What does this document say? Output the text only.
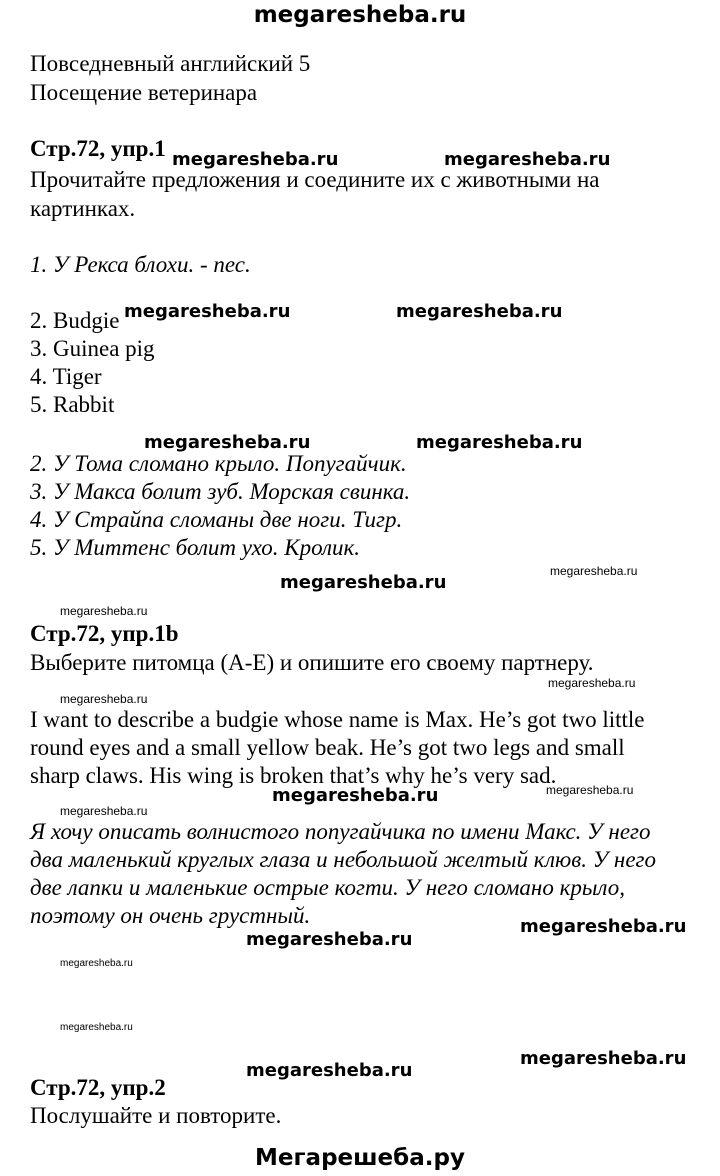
megaresheba.ru
Мегарешеба.ру
Повседневный английский 5
Посещение ветеринара
Стр.72, упр.1
Прочитайте предложения и соедините их с животными на
картинках.
1. У Рекса блохи. - пес.
2. Budgie
3. Guinea pig
4. Tiger
5. Rabbit
2. У Тома сломано крыло. Попугайчик.
3. У Макса болит зуб. Морская свинка.
4. У Страйпа сломаны две ноги. Тигр.
5. У Миттенс болит ухо. Кролик.
Стр.72, упр.1b
Выберите питомца (А-Е) и опишите его своему партнеру.
I want to describe a budgie whose name is Max. He’s got two little
round eyes and a small yellow beak. He’s got two legs and small
sharp claws. His wing is broken that’s why he’s very sad.
Я хочу описать волнистого попугайчика по имени Макс. У него
два маленький круглых глаза и небольшой желтый клюв. У него
две лапки и маленькие острые когти. У него сломано крыло,
поэтому он очень грустный.
Стр.72, упр.2
Послушайте и повторите.
megaresheba.ru	megaresheba.ru
megaresheba.ru	megaresheba.ru
megaresheba.ru	megaresheba.ru
megaresheba.ru
megaresheba.ru
megaresheba.ru
megaresheba.ru
megaresheba.ru
megaresheba.ru	megaresheba.ru
megaresheba.ru
megaresheba.ru
megaresheba.ru
megaresheba.ru
megaresheba.ru
megaresheba.ru
megaresheba.ru
